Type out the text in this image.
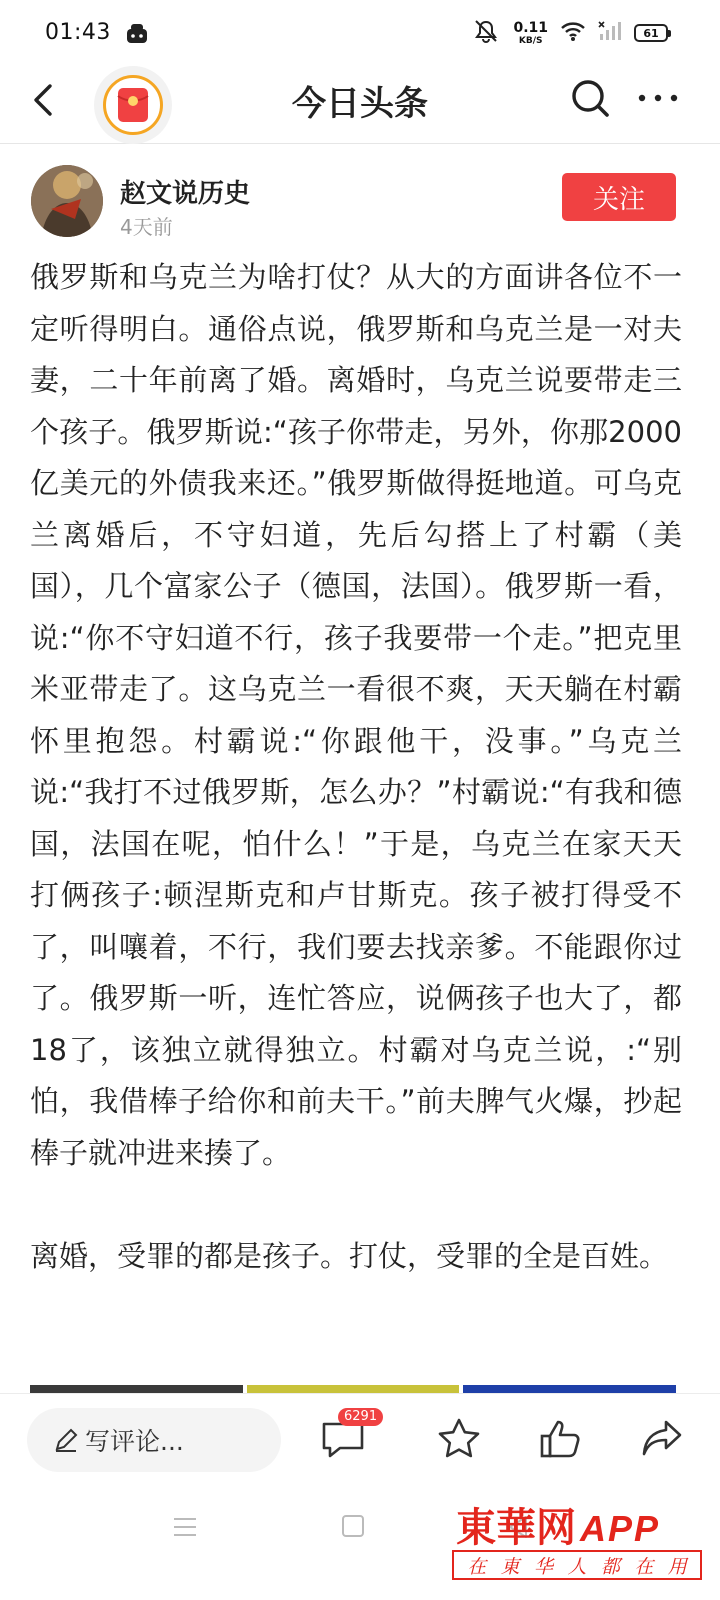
01:43	0.11
KB/S
61
今日头条
赵文说历史
4天前
关注

俄罗斯和乌克兰为啥打仗？从大的方面讲各位不一定听得明白。通俗点说，俄罗斯和乌克兰是一对夫妻，二十年前离了婚。离婚时，乌克兰说要带走三个孩子。俄罗斯说:“孩子你带走，另外，你那2000亿美元的外债我来还。”俄罗斯做得挺地道。可乌克兰离婚后，不守妇道，先后勾搭上了村霸（美国），几个富家公子（德国，法国）。俄罗斯一看，说:“你不守妇道不行，孩子我要带一个走。”把克里米亚带走了。这乌克兰一看很不爽，天天躺在村霸怀里抱怨。村霸说:“你跟他干，没事。”乌克兰说:“我打不过俄罗斯，怎么办？”村霸说:“有我和德国，法国在呢，怕什么！”于是，乌克兰在家天天打俩孩子:顿涅斯克和卢甘斯克。孩子被打得受不了，叫嚷着，不行，我们要去找亲爹。不能跟你过了。俄罗斯一听，连忙答应，说俩孩子也大了，都18了，该独立就得独立。村霸对乌克兰说，:“别怕，我借棒子给你和前夫干。”前夫脾气火爆，抄起棒子就冲进来揍了。

离婚，受罪的都是孩子。打仗，受罪的全是百姓。

写评论...
6291
東華网 APP
在 東 华 人 都 在 用
